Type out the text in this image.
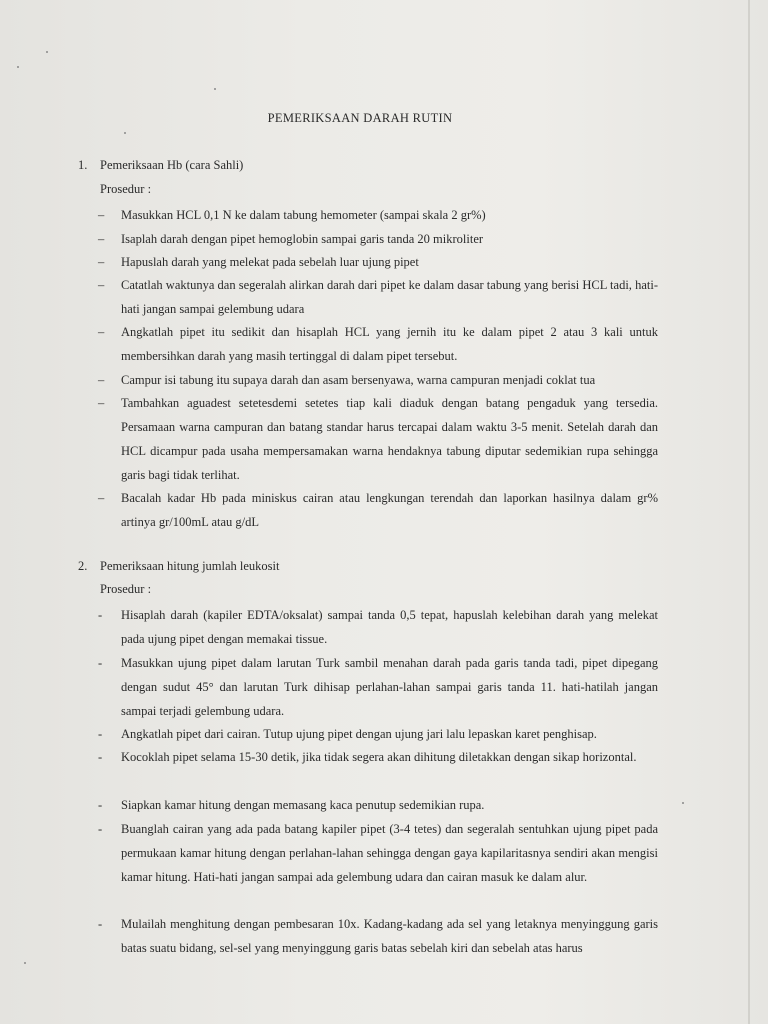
PEMERIKSAAN DARAH RUTIN
1. Pemeriksaan Hb (cara Sahli)
Prosedur :
–	Masukkan HCL 0,1 N ke dalam tabung hemometer (sampai skala 2 gr%)
–	Isaplah darah dengan pipet hemoglobin sampai garis tanda 20 mikroliter
–	Hapuslah darah yang melekat pada sebelah luar ujung pipet
–	Catatlah waktunya dan segeralah alirkan darah dari pipet ke dalam dasar tabung yang berisi HCL tadi, hati-hati jangan sampai gelembung udara
–	Angkatlah pipet itu sedikit dan hisaplah HCL yang jernih itu ke dalam pipet 2 atau 3 kali untuk membersihkan darah yang masih tertinggal di dalam pipet tersebut.
–	Campur isi tabung itu supaya darah dan asam bersenyawa, warna campuran menjadi coklat tua
–	Tambahkan aguadest setetesdemi setetes tiap kali diaduk dengan batang pengaduk yang tersedia. Persamaan warna campuran dan batang standar harus tercapai dalam waktu 3-5 menit. Setelah darah dan HCL dicampur pada usaha mempersamakan warna hendaknya tabung diputar sedemikian rupa sehingga garis bagi tidak terlihat.
–	Bacalah kadar Hb pada miniskus cairan atau lengkungan terendah dan laporkan hasilnya dalam gr% artinya gr/100mL atau g/dL
2. Pemeriksaan hitung jumlah leukosit
Prosedur :
-	Hisaplah darah (kapiler EDTA/oksalat) sampai tanda 0,5 tepat, hapuslah kelebihan darah yang melekat pada ujung pipet dengan memakai tissue.
-	Masukkan ujung pipet dalam larutan Turk sambil menahan darah pada garis tanda tadi, pipet dipegang dengan sudut 45° dan larutan Turk dihisap perlahan-lahan sampai garis tanda 11. hati-hatilah jangan sampai terjadi gelembung udara.
-	Angkatlah pipet dari cairan. Tutup ujung pipet dengan ujung jari lalu lepaskan karet penghisap.
-	Kocoklah pipet selama 15-30 detik, jika tidak segera akan dihitung diletakkan dengan sikap horizontal.
-	Siapkan kamar hitung dengan memasang kaca penutup sedemikian rupa.
-	Buanglah cairan yang ada pada batang kapiler pipet (3-4 tetes) dan segeralah sentuhkan ujung pipet pada permukaan kamar hitung dengan perlahan-lahan sehingga dengan gaya kapilaritasnya sendiri akan mengisi kamar hitung. Hati-hati jangan sampai ada gelembung udara dan cairan masuk ke dalam alur.
-	Mulailah menghitung dengan pembesaran 10x. Kadang-kadang ada sel yang letaknya menyinggung garis batas suatu bidang, sel-sel yang menyinggung garis batas sebelah kiri dan sebelah atas harus
